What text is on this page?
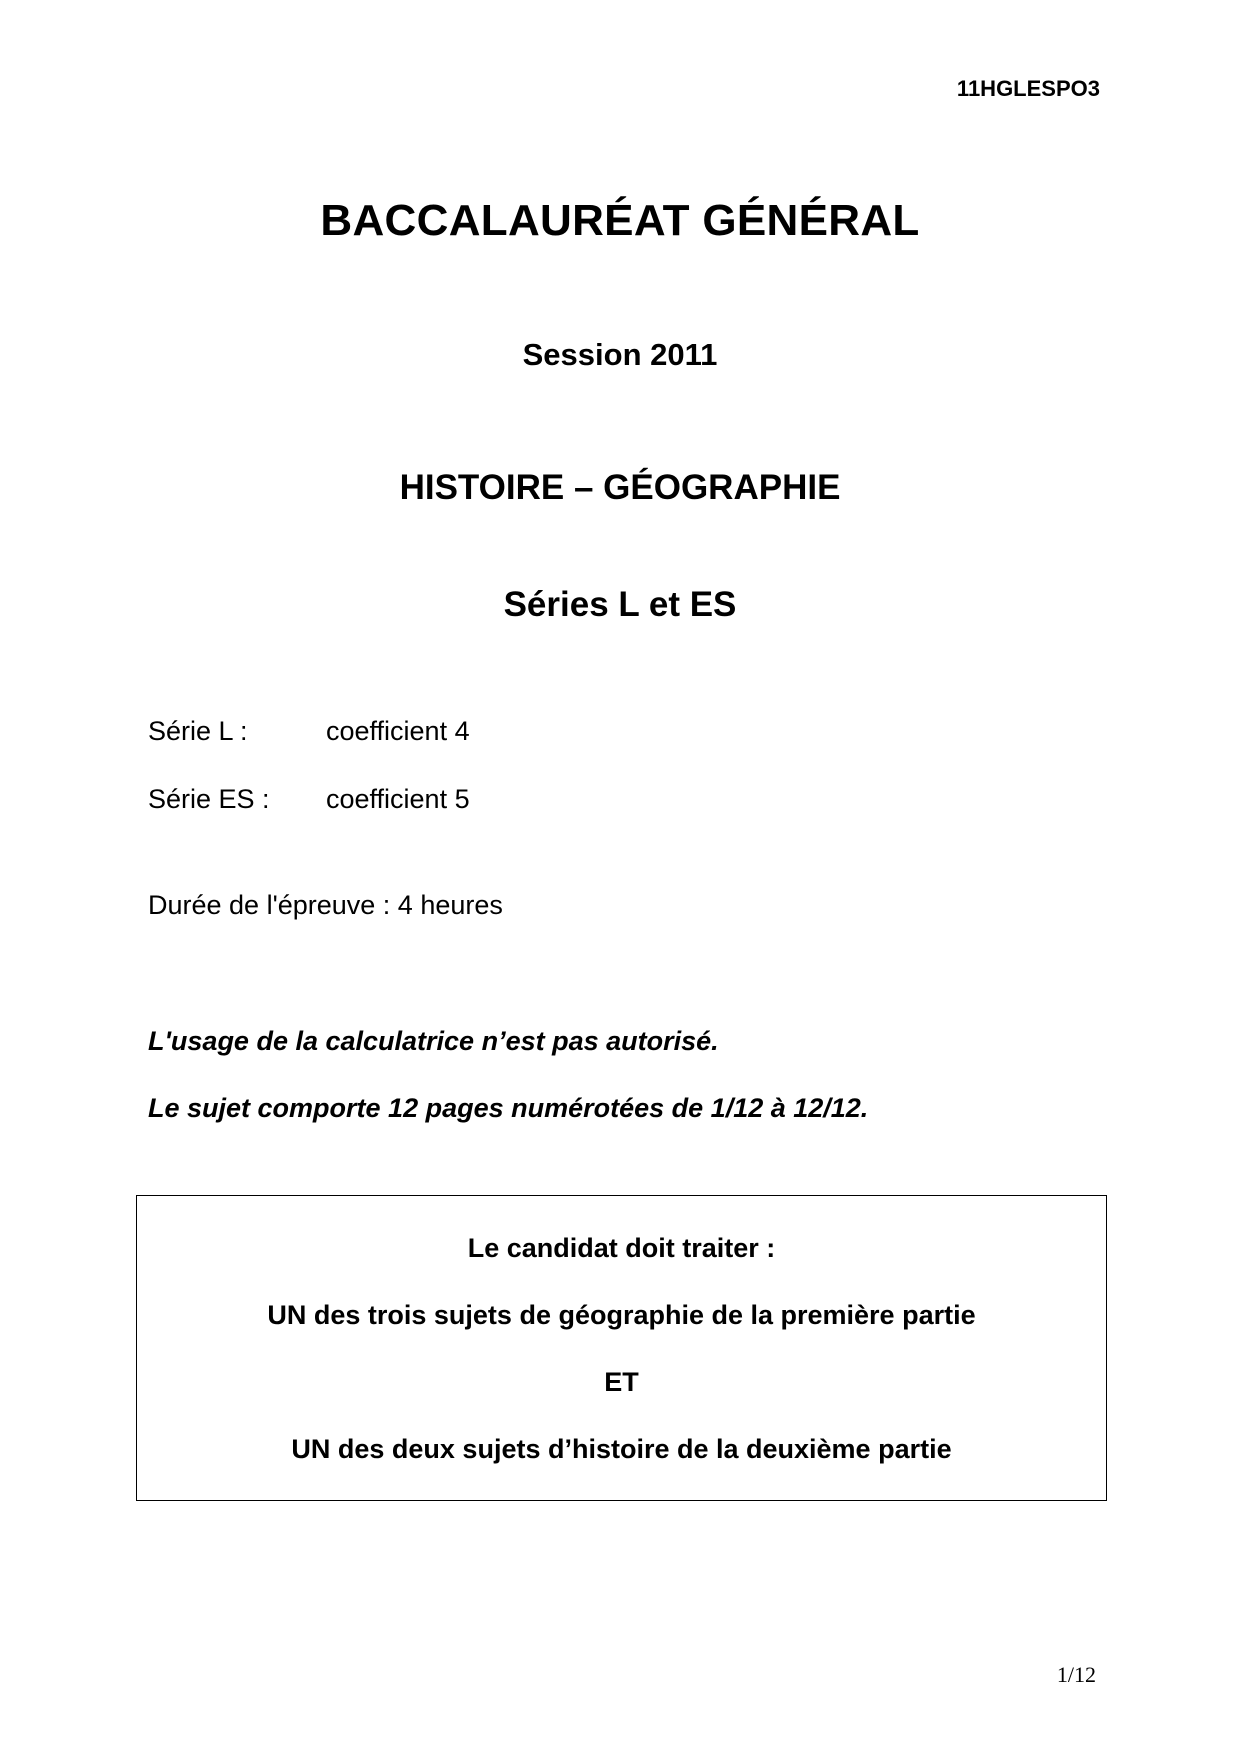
11HGLESPO3
BACCALAURÉAT GÉNÉRAL
Session 2011
HISTOIRE – GÉOGRAPHIE
Séries L et ES
Série L :	coefficient 4
Série ES : coefficient 5
Durée de l'épreuve : 4 heures
L'usage de la calculatrice n’est pas autorisé.
Le sujet comporte 12 pages numérotées de 1/12 à 12/12.
Le candidat doit traiter :
UN des trois sujets de géographie de la première partie
ET
UN des deux sujets d’histoire de la deuxième partie
1/12
